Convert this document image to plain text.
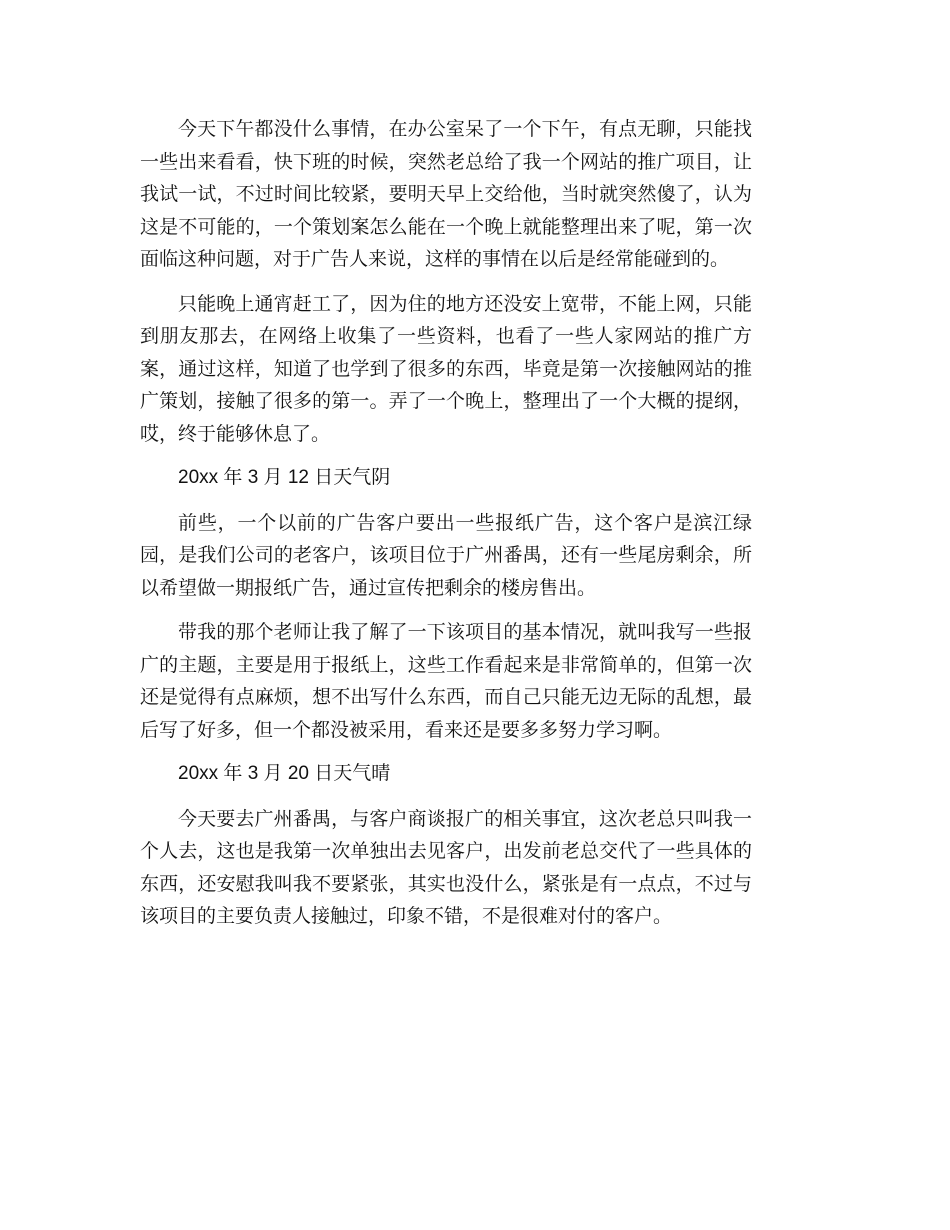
今天下午都没什么事情，在办公室呆了一个下午，有点无聊，只能找一些出来看看，快下班的时候，突然老总给了我一个网站的推广项目，让我试一试，不过时间比较紧，要明天早上交给他，当时就突然傻了，认为这是不可能的，一个策划案怎么能在一个晚上就能整理出来了呢，第一次面临这种问题，对于广告人来说，这样的事情在以后是经常能碰到的。

只能晚上通宵赶工了，因为住的地方还没安上宽带，不能上网，只能到朋友那去，在网络上收集了一些资料，也看了一些人家网站的推广方案，通过这样，知道了也学到了很多的东西，毕竟是第一次接触网站的推广策划，接触了很多的第一。弄了一个晚上，整理出了一个大概的提纲，哎，终于能够休息了。

20xx 年 3 月 12 日天气阴

前些，一个以前的广告客户要出一些报纸广告，这个客户是滨江绿园，是我们公司的老客户，该项目位于广州番禺，还有一些尾房剩余，所以希望做一期报纸广告，通过宣传把剩余的楼房售出。

带我的那个老师让我了解了一下该项目的基本情况，就叫我写一些报广的主题，主要是用于报纸上，这些工作看起来是非常简单的，但第一次还是觉得有点麻烦，想不出写什么东西，而自己只能无边无际的乱想，最后写了好多，但一个都没被采用，看来还是要多多努力学习啊。

20xx 年 3 月 20 日天气晴

今天要去广州番禺，与客户商谈报广的相关事宜，这次老总只叫我一个人去，这也是我第一次单独出去见客户，出发前老总交代了一些具体的东西，还安慰我叫我不要紧张，其实也没什么，紧张是有一点点，不过与该项目的主要负责人接触过，印象不错，不是很难对付的客户。
